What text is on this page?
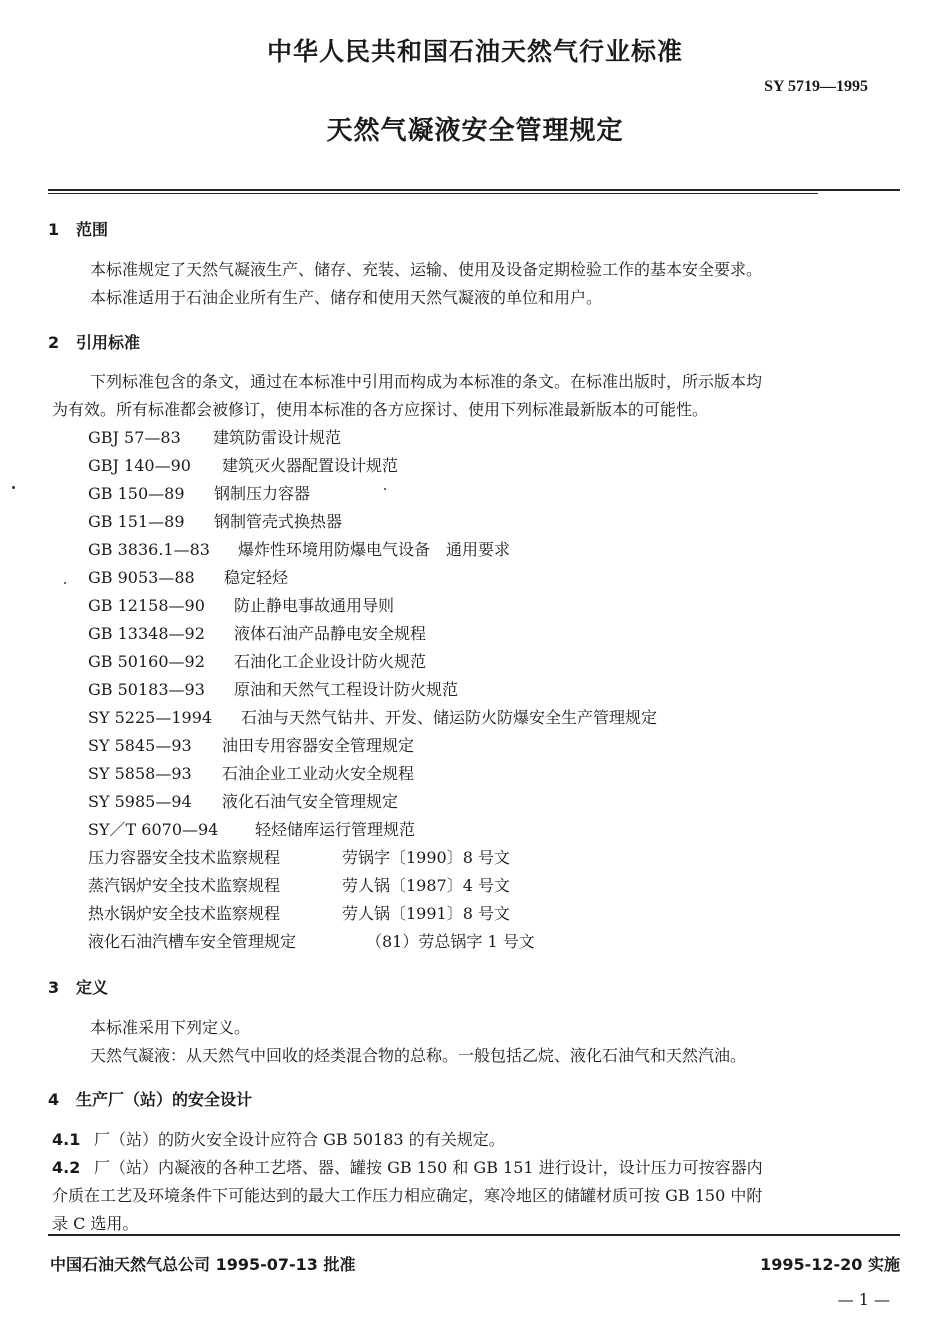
中华人民共和国石油天然气行业标准
SY 5719—1995
天然气凝液安全管理规定
1 范围
本标准规定了天然气凝液生产、储存、充装、运输、使用及设备定期检验工作的基本安全要求。
本标准适用于石油企业所有生产、储存和使用天然气凝液的单位和用户。
2 引用标准
下列标准包含的条文，通过在本标准中引用而构成为本标准的条文。在标准出版时，所示版本均
为有效。所有标准都会被修订，使用本标准的各方应探讨、使用下列标准最新版本的可能性。
GBJ 57—83 建筑防雷设计规范
GBJ 140—90 建筑灭火器配置设计规范
GB 150—89 钢制压力容器
GB 151—89 钢制管壳式换热器
GB 3836.1—83 爆炸性环境用防爆电气设备　通用要求
GB 9053—88 稳定轻烃
GB 12158—90 防止静电事故通用导则
GB 13348—92 液体石油产品静电安全规程
GB 50160—92 石油化工企业设计防火规范
GB 50183—93 原油和天然气工程设计防火规范
SY 5225—1994 石油与天然气钻井、开发、储运防火防爆安全生产管理规定
SY 5845—93 油田专用容器安全管理规定
SY 5858—93 石油企业工业动火安全规程
SY 5985—94 液化石油气安全管理规定
SY／T 6070—94 轻烃储库运行管理规范
压力容器安全技术监察规程	劳锅字〔1990〕8 号文
蒸汽锅炉安全技术监察规程	劳人锅〔1987〕4 号文
热水锅炉安全技术监察规程	劳人锅〔1991〕8 号文
液化石油汽槽车安全管理规定	（81）劳总锅字 1 号文
3 定义
本标准采用下列定义。
天然气凝液：从天然气中回收的烃类混合物的总称。一般包括乙烷、液化石油气和天然汽油。
4 生产厂（站）的安全设计
4.1 厂（站）的防火安全设计应符合 GB 50183 的有关规定。
4.2 厂（站）内凝液的各种工艺塔、器、罐按 GB 150 和 GB 151 进行设计，设计压力可按容器内
介质在工艺及环境条件下可能达到的最大工作压力相应确定，寒冷地区的储罐材质可按 GB 150 中附
录 C 选用。
中国石油天然气总公司 1995-07-13 批准	1995-12-20 实施
— 1 —
